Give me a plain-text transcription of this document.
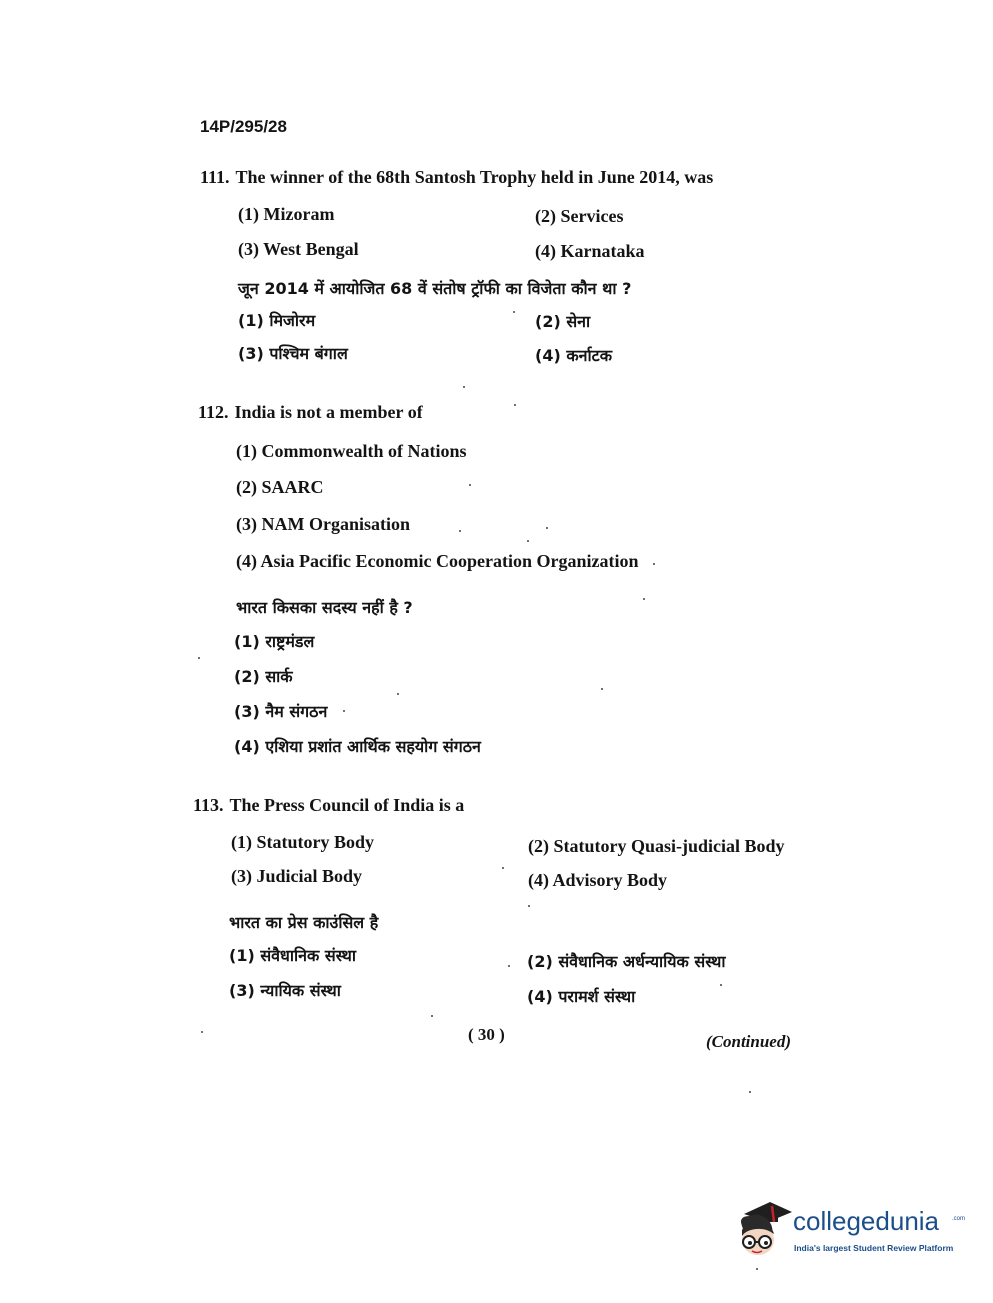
14P/295/28
111. The winner of the 68th Santosh Trophy held in June 2014, was
(1) Mizoram	(2) Services
(3) West Bengal	(4) Karnataka
जून 2014 में आयोजित 68 वें संतोष ट्रॉफी का विजेता कौन था ?
(1) मिजोरम	(2) सेना
(3) पश्चिम बंगाल	(4) कर्नाटक
112. India is not a member of
(1) Commonwealth of Nations
(2) SAARC
(3) NAM Organisation
(4) Asia Pacific Economic Cooperation Organization
भारत किसका सदस्य नहीं है ?
(1) राष्ट्रमंडल
(2) सार्क
(3) नैम संगठन
(4) एशिया प्रशांत आर्थिक सहयोग संगठन
113. The Press Council of India is a
(1) Statutory Body	(2) Statutory Quasi-judicial Body
(3) Judicial Body	(4) Advisory Body
भारत का प्रेस काउंसिल है
(1) संवैधानिक संस्था	(2) संवैधानिक अर्धन्यायिक संस्था
(3) न्यायिक संस्था	(4) परामर्श संस्था
( 30 )	(Continued)
collegedunia .com
India's largest Student Review Platform
